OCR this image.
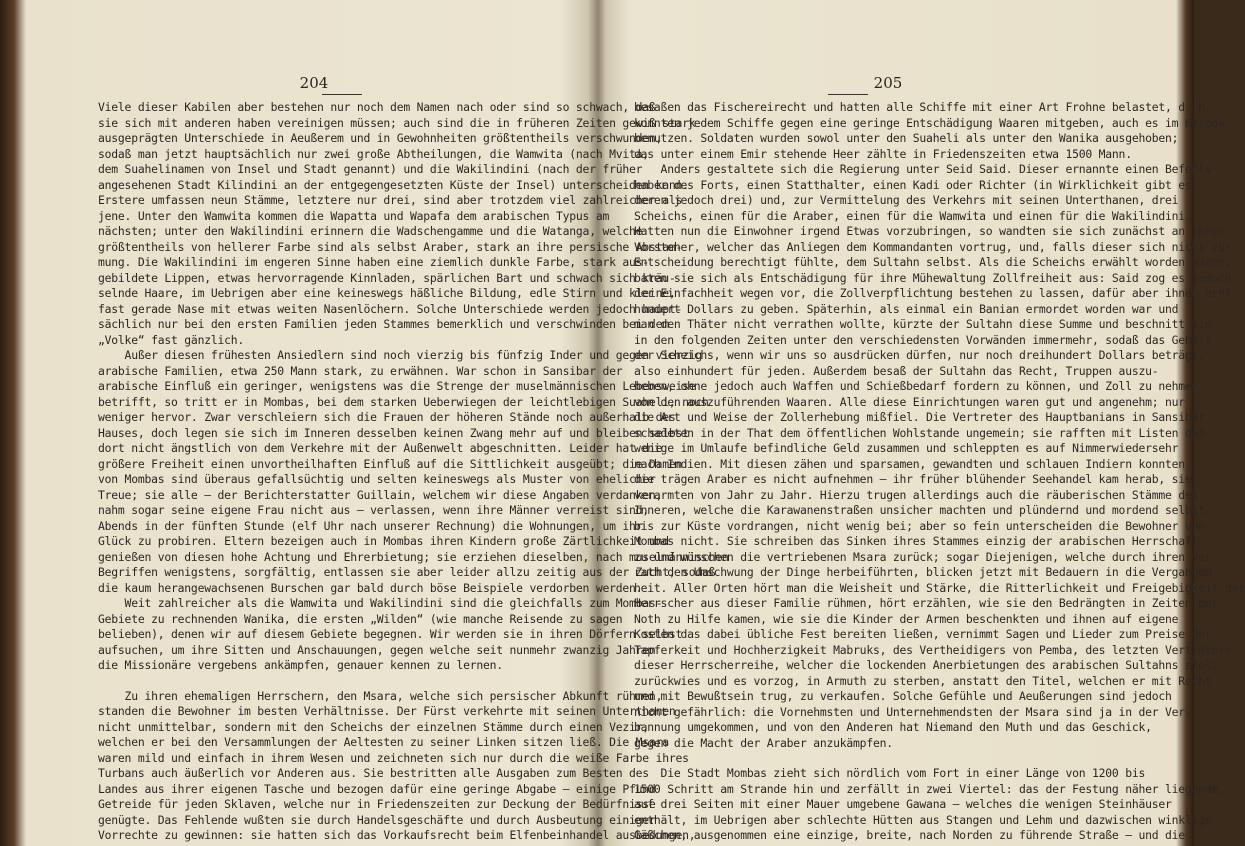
204

Viele dieser Kabilen aber bestehen nur noch dem Namen nach oder sind so schwach, daß

sie sich mit anderen haben vereinigen müssen; auch sind die in früheren Zeiten gewiß stark

ausgeprägten Unterschiede in Aeußerem und in Gewohnheiten größtentheils verschwunden,

sodaß man jetzt hauptsächlich nur zwei große Abtheilungen, die Wamwita (nach Mvita,

dem Suahelinamen von Insel und Stadt genannt) und die Wakilindini (nach der früher

angesehenen Stadt Kilindini an der entgegengesetzten Küste der Insel) unterscheiden kann.

Erstere umfassen neun Stämme, letztere nur drei, sind aber trotzdem viel zahlreicher als

jene. Unter den Wamwita kommen die Wapatta und Wapafa dem arabischen Typus am

nächsten; unter den Wakilindini erinnern die Wadschengamme und die Watanga, welche

größtentheils von hellerer Farbe sind als selbst Araber, stark an ihre persische Abstam-

mung. Die Wakilindini im engeren Sinne haben eine ziemlich dunkle Farbe, stark aus-

gebildete Lippen, etwas hervorragende Kinnladen, spärlichen Bart und schwach sich kräu-

selnde Haare, im Uebrigen aber eine keineswegs häßliche Bildung, edle Stirn und kleine,

fast gerade Nase mit etwas weiten Nasenlöchern. Solche Unterschiede werden jedoch haupt-

sächlich nur bei den ersten Familien jeden Stammes bemerklich und verschwinden bei dem

„Volke“ fast gänzlich.

Außer diesen frühesten Ansiedlern sind noch vierzig bis fünfzig Inder und gegen vierzig

arabische Familien, etwa 250 Mann stark, zu erwähnen. War schon in Sansibar der

arabische Einfluß ein geringer, wenigstens was die Strenge der muselmännischen Lebensweise

betrifft, so tritt er in Mombas, bei dem starken Ueberwiegen der leichtlebigen Suaheli, noch

weniger hervor. Zwar verschleiern sich die Frauen der höheren Stände noch außerhalb des

Hauses, doch legen sie sich im Inneren desselben keinen Zwang mehr auf und bleiben selbst

dort nicht ängstlich von dem Verkehre mit der Außenwelt abgeschnitten. Leider hat die

größere Freiheit einen unvortheilhaften Einfluß auf die Sittlichkeit ausgeübt; die Damen

von Mombas sind überaus gefallsüchtig und selten keineswegs als Muster von ehelicher

Treue; sie alle — der Berichterstatter Guillain, welchem wir diese Angaben verdanken,

nahm sogar seine eigene Frau nicht aus — verlassen, wenn ihre Männer verreist sind,

Abends in der fünften Stunde (elf Uhr nach unserer Rechnung) die Wohnungen, um ihr

Glück zu probiren. Eltern bezeigen auch in Mombas ihren Kindern große Zärtlichkeit und

genießen von diesen hohe Achtung und Ehrerbietung; sie erziehen dieselben, nach muselmännischen

Begriffen wenigstens, sorgfältig, entlassen sie aber leider allzu zeitig aus der Zucht, sodaß

die kaum herangewachsenen Burschen gar bald durch böse Beispiele verdorben werden.

Weit zahlreicher als die Wamwita und Wakilindini sind die gleichfalls zum Mombas-

Gebiete zu rechnenden Wanika, die ersten „Wilden“ (wie manche Reisende zu sagen

belieben), denen wir auf diesem Gebiete begegnen. Wir werden sie in ihren Dörfern selbst

aufsuchen, um ihre Sitten und Anschauungen, gegen welche seit nunmehr zwanzig Jahren

die Missionäre vergebens ankämpfen, genauer kennen zu lernen.

Zu ihren ehemaligen Herrschern, den Msara, welche sich persischer Abkunft rühmen,

standen die Bewohner im besten Verhältnisse. Der Fürst verkehrte mit seinen Unterthanen

nicht unmittelbar, sondern mit den Scheichs der einzelnen Stämme durch einen Vezir,

welchen er bei den Versammlungen der Aeltesten zu seiner Linken sitzen ließ. Die Msara

waren mild und einfach in ihrem Wesen und zeichneten sich nur durch die weiße Farbe ihres

Turbans auch äußerlich vor Anderen aus. Sie bestritten alle Ausgaben zum Besten des

Landes aus ihrer eigenen Tasche und bezogen dafür eine geringe Abgabe — einige Pfund

Getreide für jeden Sklaven, welche nur in Friedenszeiten zur Deckung der Bedürfnisse

genügte. Das Fehlende wußten sie durch Handelsgeschäfte und durch Ausbeutung einiger

Vorrechte zu gewinnen: sie hatten sich das Vorkaufsrecht beim Elfenbeinhandel ausbedungen,

205

besaßen das Fischereirecht und hatten alle Schiffe mit einer Art Frohne belastet, d. h.

konnten jedem Schiffe gegen eine geringe Entschädigung Waaren mitgeben, auch es im Kriege

benutzen. Soldaten wurden sowol unter den Suaheli als unter den Wanika ausgehoben;

das unter einem Emir stehende Heer zählte in Friedenszeiten etwa 1500 Mann.

Anders gestaltete sich die Regierung unter Seid Said. Dieser ernannte einen Befehls-

haber des Forts, einen Statthalter, einen Kadi oder Richter (in Wirklichkeit gibt es

deren jedoch drei) und, zur Vermittelung des Verkehrs mit seinen Unterthanen, drei

Scheichs, einen für die Araber, einen für die Wamwita und einen für die Wakilindini.

Hatten nun die Einwohner irgend Etwas vorzubringen, so wandten sie sich zunächst an ihren

Vorsteher, welcher das Anliegen dem Kommandanten vortrug, und, falls dieser sich nicht zur

Entscheidung berechtigt fühlte, dem Sultahn selbst. Als die Scheichs erwählt worden waren,

baten sie sich als Entschädigung für ihre Mühewaltung Zollfreiheit aus: Said zog es jedoch

der Einfachheit wegen vor, die Zollverpflichtung bestehen zu lassen, dafür aber ihnen acht-

hundert Dollars zu geben. Späterhin, als einmal ein Banian ermordet worden war und

man den Thäter nicht verrathen wollte, kürzte der Sultahn diese Summe und beschnitt sie

in den folgenden Zeiten unter den verschiedensten Vorwänden immermehr, sodaß das Gehalt

der Scheichs, wenn wir uns so ausdrücken dürfen, nur noch dreihundert Dollars beträgt,

also einhundert für jeden. Außerdem besaß der Sultahn das Recht, Truppen auszu-

heben, ohne jedoch auch Waffen und Schießbedarf fordern zu können, und Zoll zu nehmen

von den auszuführenden Waaren. Alle diese Einrichtungen waren gut und angenehm; nur

die Art und Weise der Zollerhebung mißfiel. Die Vertreter des Hauptbanians in Sansibar

schadeten in der That dem öffentlichen Wohlstande ungemein; sie rafften mit Listen das

wenige im Umlaufe befindliche Geld zusammen und schleppten es auf Nimmerwiedersehr

nach Indien. Mit diesen zähen und sparsamen, gewandten und schlauen Indiern konnten

die trägen Araber es nicht aufnehmen — ihr früher blühender Seehandel kam herab, sie

verarmten von Jahr zu Jahr. Hierzu trugen allerdings auch die räuberischen Stämme des

Inneren, welche die Karawanenstraßen unsicher machten und plündernd und mordend selbst

bis zur Küste vordrangen, nicht wenig bei; aber so fein unterscheiden die Bewohner von

Mombas nicht. Sie schreiben das Sinken ihres Stammes einzig der arabischen Herrschaft

zu und wünschen die vertriebenen Msara zurück; sogar Diejenigen, welche durch ihren Ver-

rath den Umschwung der Dinge herbeiführten, blicken jetzt mit Bedauern in die Vergangen-

heit. Aller Orten hört man die Weisheit und Stärke, die Ritterlichkeit und Freigebigkeit der

Herrscher aus dieser Familie rühmen, hört erzählen, wie sie den Bedrängten in Zeiten der

Noth zu Hilfe kamen, wie sie die Kinder der Armen beschenkten und ihnen auf eigene

Kosten das dabei übliche Fest bereiten ließen, vernimmt Sagen und Lieder zum Preise der

Tapferkeit und Hochherzigkeit Mabruks, des Vertheidigers von Pemba, des letzten Vertreters

dieser Herrscherreihe, welcher die lockenden Anerbietungen des arabischen Sultahns stolz

zurückwies und es vorzog, in Armuth zu sterben, anstatt den Titel, welchen er mit Recht

und mit Bewußtsein trug, zu verkaufen. Solche Gefühle und Aeußerungen sind jedoch

nicht gefährlich: die Vornehmsten und Unternehmendsten der Msara sind ja in der Ver-

bannung umgekommen, und von den Anderen hat Niemand den Muth und das Geschick,

gegen die Macht der Araber anzukämpfen.

Die Stadt Mombas zieht sich nördlich vom Fort in einer Länge von 1200 bis

1500 Schritt am Strande hin und zerfällt in zwei Viertel: das der Festung näher liegende,

auf drei Seiten mit einer Mauer umgebene Gawana — welches die wenigen Steinhäuser

enthält, im Uebrigen aber schlechte Hütten aus Stangen und Lehm und dazwischen winklige

Gäßchen, ausgenommen eine einzige, breite, nach Norden zu führende Straße — und die
